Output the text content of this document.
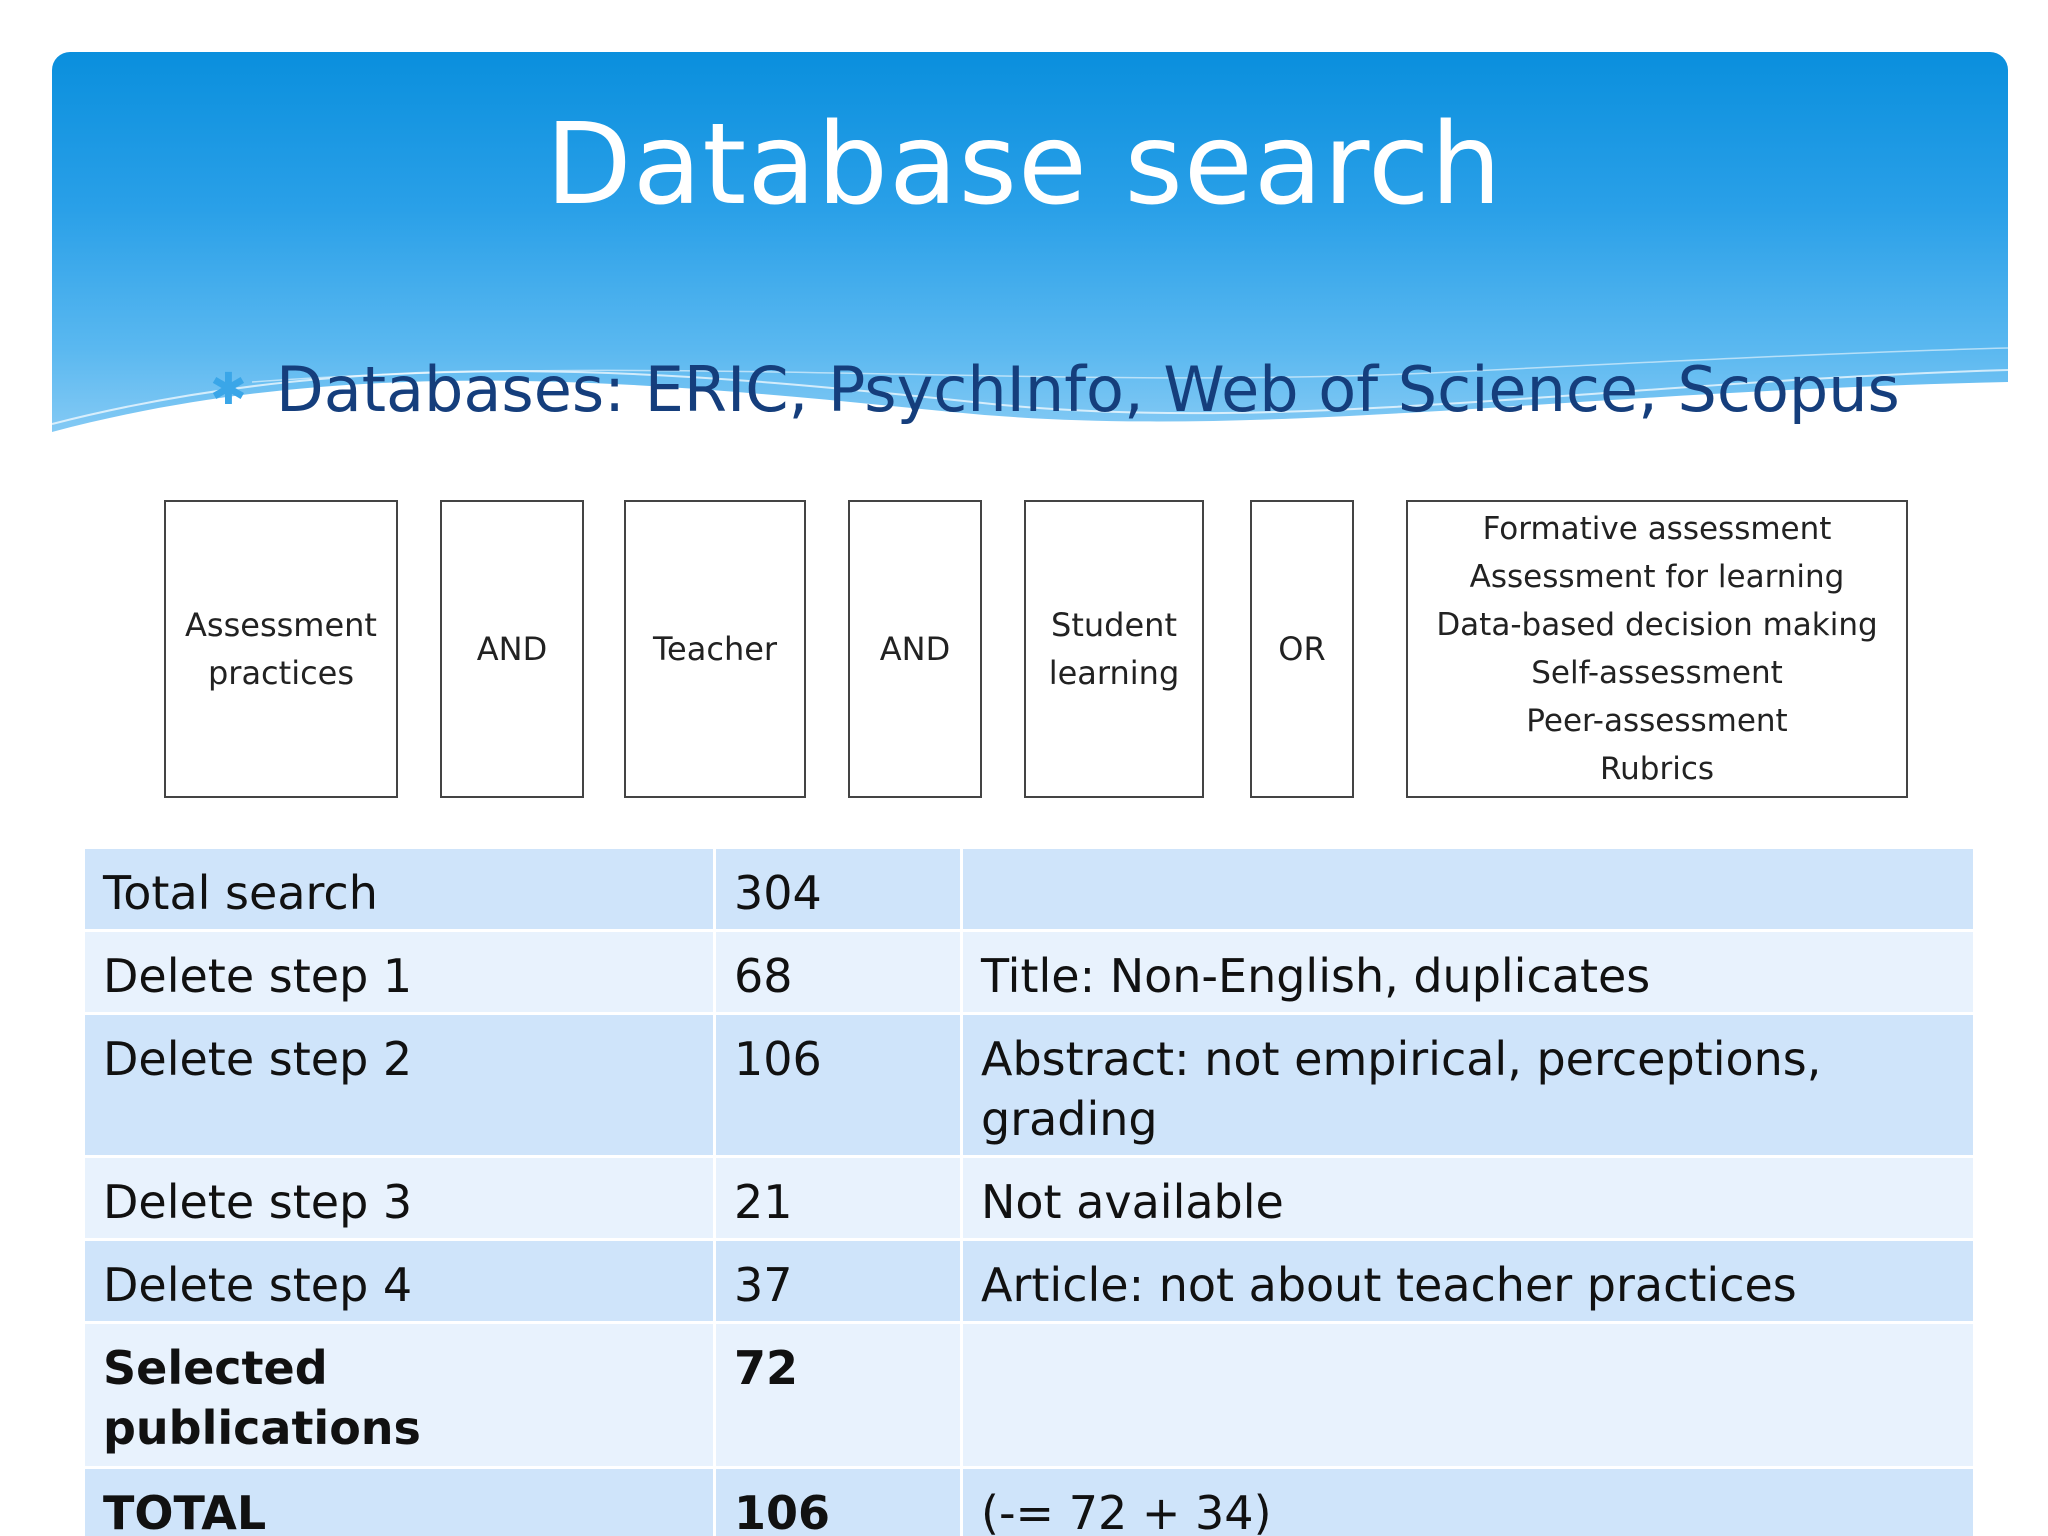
Database search
✱ Databases: ERIC, PsychInfo, Web of Science, Scopus
Assessment
practices
AND	Teacher	AND
Student
learning
OR
Formative assessment
Assessment for learning
Data-based decision making
Self-assessment
Peer-assessment
Rubrics
Total search	304	
Delete step 1	68	Title: Non-English, duplicates
Delete step 2	106	Abstract: not empirical, perceptions, grading
Delete step 3	21	Not available
Delete step 4	37	Article: not about teacher practices
Selected publications	72	
TOTAL	106	(-= 72 + 34)
